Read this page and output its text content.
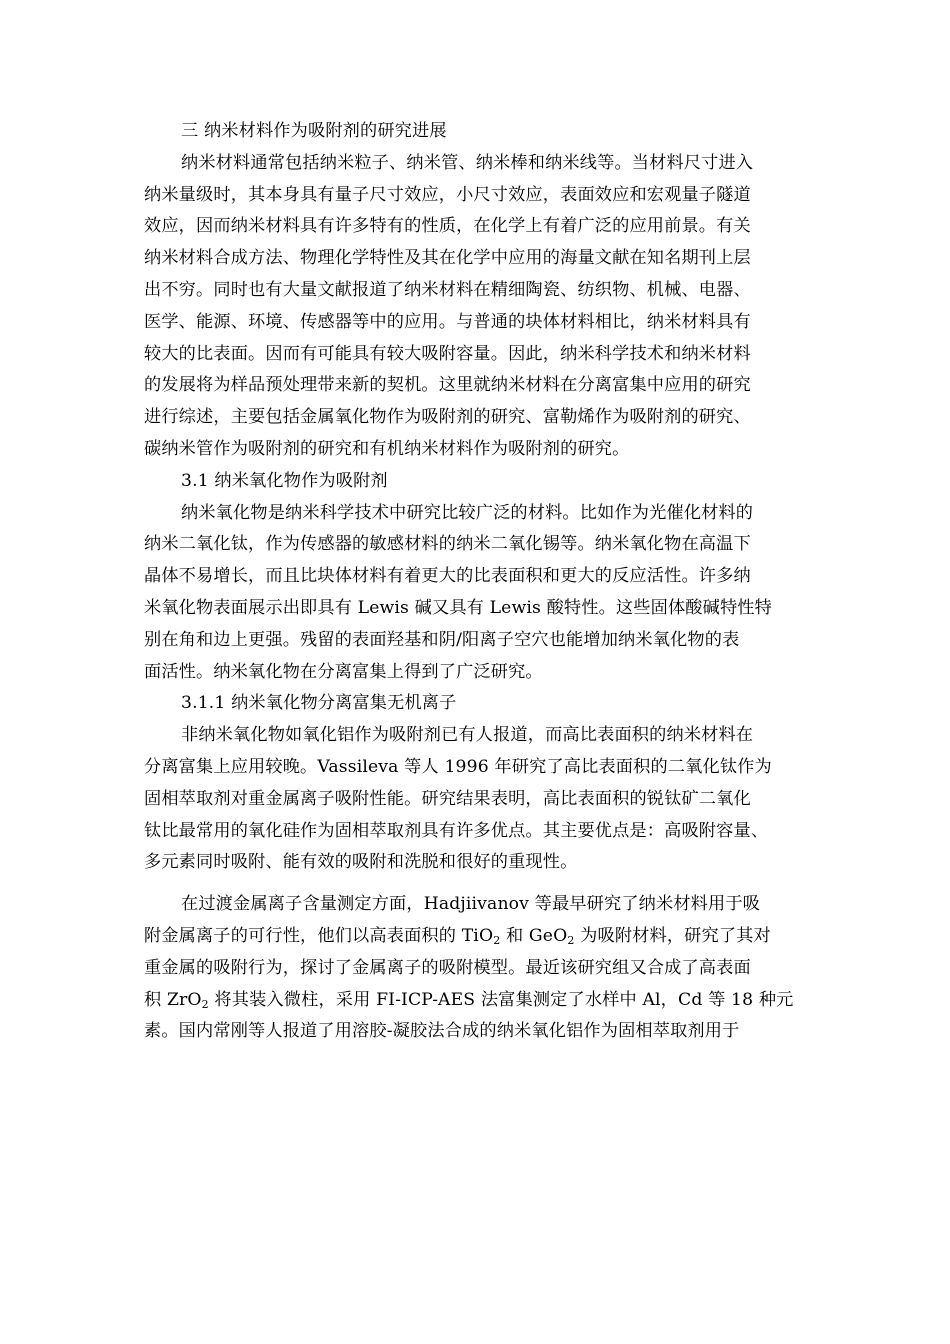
三 纳米材料作为吸附剂的研究进展
纳米材料通常包括纳米粒子、纳米管、纳米棒和纳米线等。当材料尺寸进入
纳米量级时，其本身具有量子尺寸效应，小尺寸效应，表面效应和宏观量子隧道
效应，因而纳米材料具有许多特有的性质，在化学上有着广泛的应用前景。有关
纳米材料合成方法、物理化学特性及其在化学中应用的海量文献在知名期刊上层
出不穷。同时也有大量文献报道了纳米材料在精细陶瓷、纺织物、机械、电器、
医学、能源、环境、传感器等中的应用。与普通的块体材料相比，纳米材料具有
较大的比表面。因而有可能具有较大吸附容量。因此，纳米科学技术和纳米材料
的发展将为样品预处理带来新的契机。这里就纳米材料在分离富集中应用的研究
进行综述，主要包括金属氧化物作为吸附剂的研究、富勒烯作为吸附剂的研究、
碳纳米管作为吸附剂的研究和有机纳米材料作为吸附剂的研究。
3.1 纳米氧化物作为吸附剂
纳米氧化物是纳米科学技术中研究比较广泛的材料。比如作为光催化材料的
纳米二氧化钛，作为传感器的敏感材料的纳米二氧化锡等。纳米氧化物在高温下
晶体不易增长，而且比块体材料有着更大的比表面积和更大的反应活性。许多纳
米氧化物表面展示出即具有 Lewis 碱又具有 Lewis 酸特性。这些固体酸碱特性特
别在角和边上更强。残留的表面羟基和阴/阳离子空穴也能增加纳米氧化物的表
面活性。纳米氧化物在分离富集上得到了广泛研究。
3.1.1 纳米氧化物分离富集无机离子
非纳米氧化物如氧化铝作为吸附剂已有人报道，而高比表面积的纳米材料在
分离富集上应用较晚。Vassileva 等人 1996 年研究了高比表面积的二氧化钛作为
固相萃取剂对重金属离子吸附性能。研究结果表明，高比表面积的锐钛矿二氧化
钛比最常用的氧化硅作为固相萃取剂具有许多优点。其主要优点是：高吸附容量、
多元素同时吸附、能有效的吸附和洗脱和很好的重现性。
在过渡金属离子含量测定方面，Hadjiivanov 等最早研究了纳米材料用于吸
附金属离子的可行性，他们以高表面积的 TiO$_2$ 和 GeO$_2$ 为吸附材料，研究了其对
重金属的吸附行为，探讨了金属离子的吸附模型。最近该研究组又合成了高表面
积 ZrO$_2$ 将其装入微柱，采用 FI-ICP-AES 法富集测定了水样中 Al，Cd 等 18 种元
素。国内常刚等人报道了用溶胶-凝胶法合成的纳米氧化铝作为固相萃取剂用于
